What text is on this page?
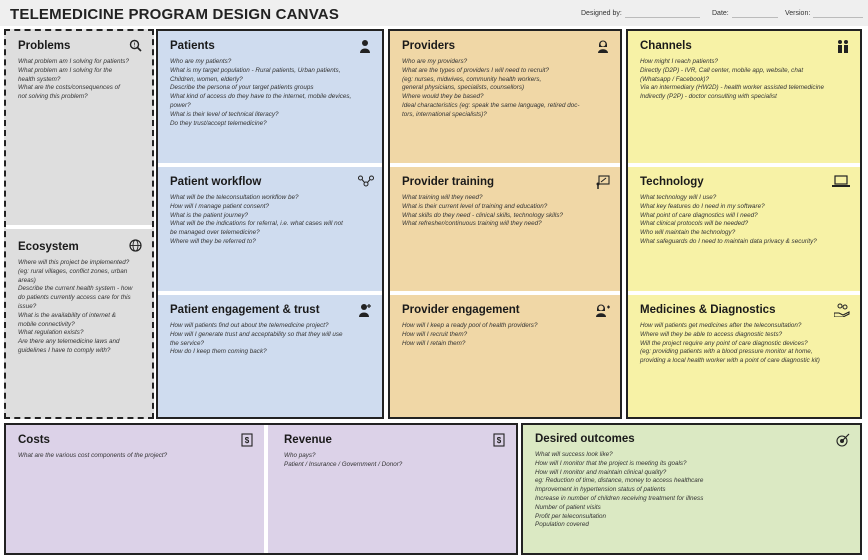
TELEMEDICINE PROGRAM DESIGN CANVAS	Designed by:	Date:	Version:
Problems	!
What problem am I solving for patients?
What problem am I solving for the
health system?
What are the costs/consequences of
not solving this problem?
Ecosystem
Where will this project be implemented?
(eg: rural villages, conflict zones, urban
areas)
Describe the current health system - how
do patients currently access care for this
issue?
What is the availability of internet &
mobile connectivity?
What regulation exists?
Are there any telemedicine laws and
guidelines I have to comply with?
Patients
Who are my patients?
What is my target population - Rural patients, Urban patients,
Children, women, elderly?
Describe the persona of your target patients groups
What kind of access do they have to the internet, mobile devices,
power?
What is their level of technical literacy?
Do they trust/accept telemedicine?
Patient workflow
What will be the teleconsultation workflow be?
How will I manage patient consent?
What is the patient journey?
What will be the indications for referral, i.e. what cases will not
be managed over telemedicine?
Where will they be referred to?
Patient engagement & trust
How will patients find out about the telemedicine project?
How will I generate trust and acceptability so that they will use
the service?
How do I keep them coming back?
Providers
Who are my providers?
What are the types of providers I will need to recruit?
(eg: nurses, midwives, community health workers,
general physicians, specialists, counsellors)
Where would they be based?
Ideal characteristics (eg: speak the same language, retired doc-
tors, international specialists)?
Provider training
What training will they need?
What is their current level of training and education?
What skills do they need - clinical skills, technology skills?
What refresher/continuous training will they need?
Provider engagement
How will I keep a ready pool of health providers?
How will I recruit them?
How will I retain them?
Channels
How might I reach patients?
Directly (D2P) - IVR, Call center, mobile app, website, chat
(Whatsapp / Facebook)?
Via an intermediary (HW2D) - health worker assisted telemedicine
Indirectly (P2P) - doctor consulting with specialist
Technology
What technology will I use?
What key features do I need in my software?
What point of care diagnostics will I need?
What clinical protocols will be needed?
Who will maintain the technology?
What safeguards do I need to maintain data privacy & security?
Medicines & Diagnostics
How will patients get medicines after the teleconsultation?
Where will they be able to access diagnostic tests?
Will the project require any point of care diagnostic devices?
(eg: providing patients with a blood pressure monitor at home,
providing a local health worker with a point of care diagnostic kit)
Costs	$
What are the various cost components of the project?
Revenue	$
Who pays?
Patient / Insurance / Government / Donor?
Desired outcomes
What will success look like?
How will I monitor that the project is meeting its goals?
How will I monitor and maintain clinical quality?
eg: Reduction of time, distance, money to access healthcare
Improvement in hypertension status of patients
Increase in number of children receiving treatment for illness
Number of patient visits
Profit per teleconsultation
Population covered
